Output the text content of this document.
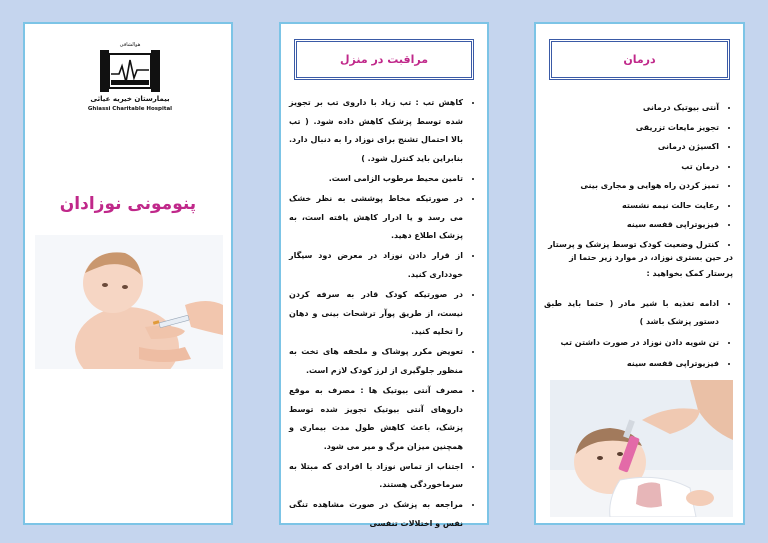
هوالشافی
بیمارستان خیریه عیاثی
Ghiassi Charitable Hospital
پنومونی نوزادان
مراقبت در منزل
• کاهش تب : تب زیاد با داروی تب بر تجویز شده توسط پزشک کاهش داده شود. ( تب بالا احتمال تشنج برای نوزاد را به دنبال دارد. بنابراین باید کنترل شود. )
• تامین محیط مرطوب الزامی است.
• در صورتیکه مخاط پوششی به نظر خشک می رسد و یا ادرار کاهش یافته است، به پزشک اطلاع دهید.
• از قرار دادن نوزاد در معرض دود سیگار خودداری کنید.
• در صورتیکه کودک قادر به سرفه کردن نیست، از طریق پوآر ترشحات بینی و دهان را تخلیه کنید.
• تعویض مکرر پوشاک و ملحفه های تخت به منظور جلوگیری از لرز کودک لازم است.
• مصرف آنتی بیوتیک ها : مصرف به موقع داروهای آنتی بیوتیک تجویز شده توسط پزشک، باعث کاهش طول مدت بیماری و همچنین میزان مرگ و میر می شود.
• اجتناب از تماس نوزاد با افرادی که مبتلا به سرماخوردگی هستند.
• مراجعه به پزشک در صورت مشاهده تنگی نفس و اختلالات تنفسی
درمان
• آنتی بیوتیک درمانی
• تجویز مایعات تزریقی
• اکسیژن درمانی
• درمان تب
• تمیز کردن راه هوایی و مجاری بینی
• رعایت حالت نیمه نشسته
• فیزیوتراپی قفسه سینه
• کنترل وضعیت کودک توسط پزشک و پرستار
در حین بستری نوزاد، در موارد زیر حتما از پرستار کمک بخواهید :
• ادامه تغذیه با شیر مادر ( حتما باید طبق دستور پزشک باشد )
• تن شویه دادن نوزاد در صورت داشتن تب
• فیزیوتراپی قفسه سینه
